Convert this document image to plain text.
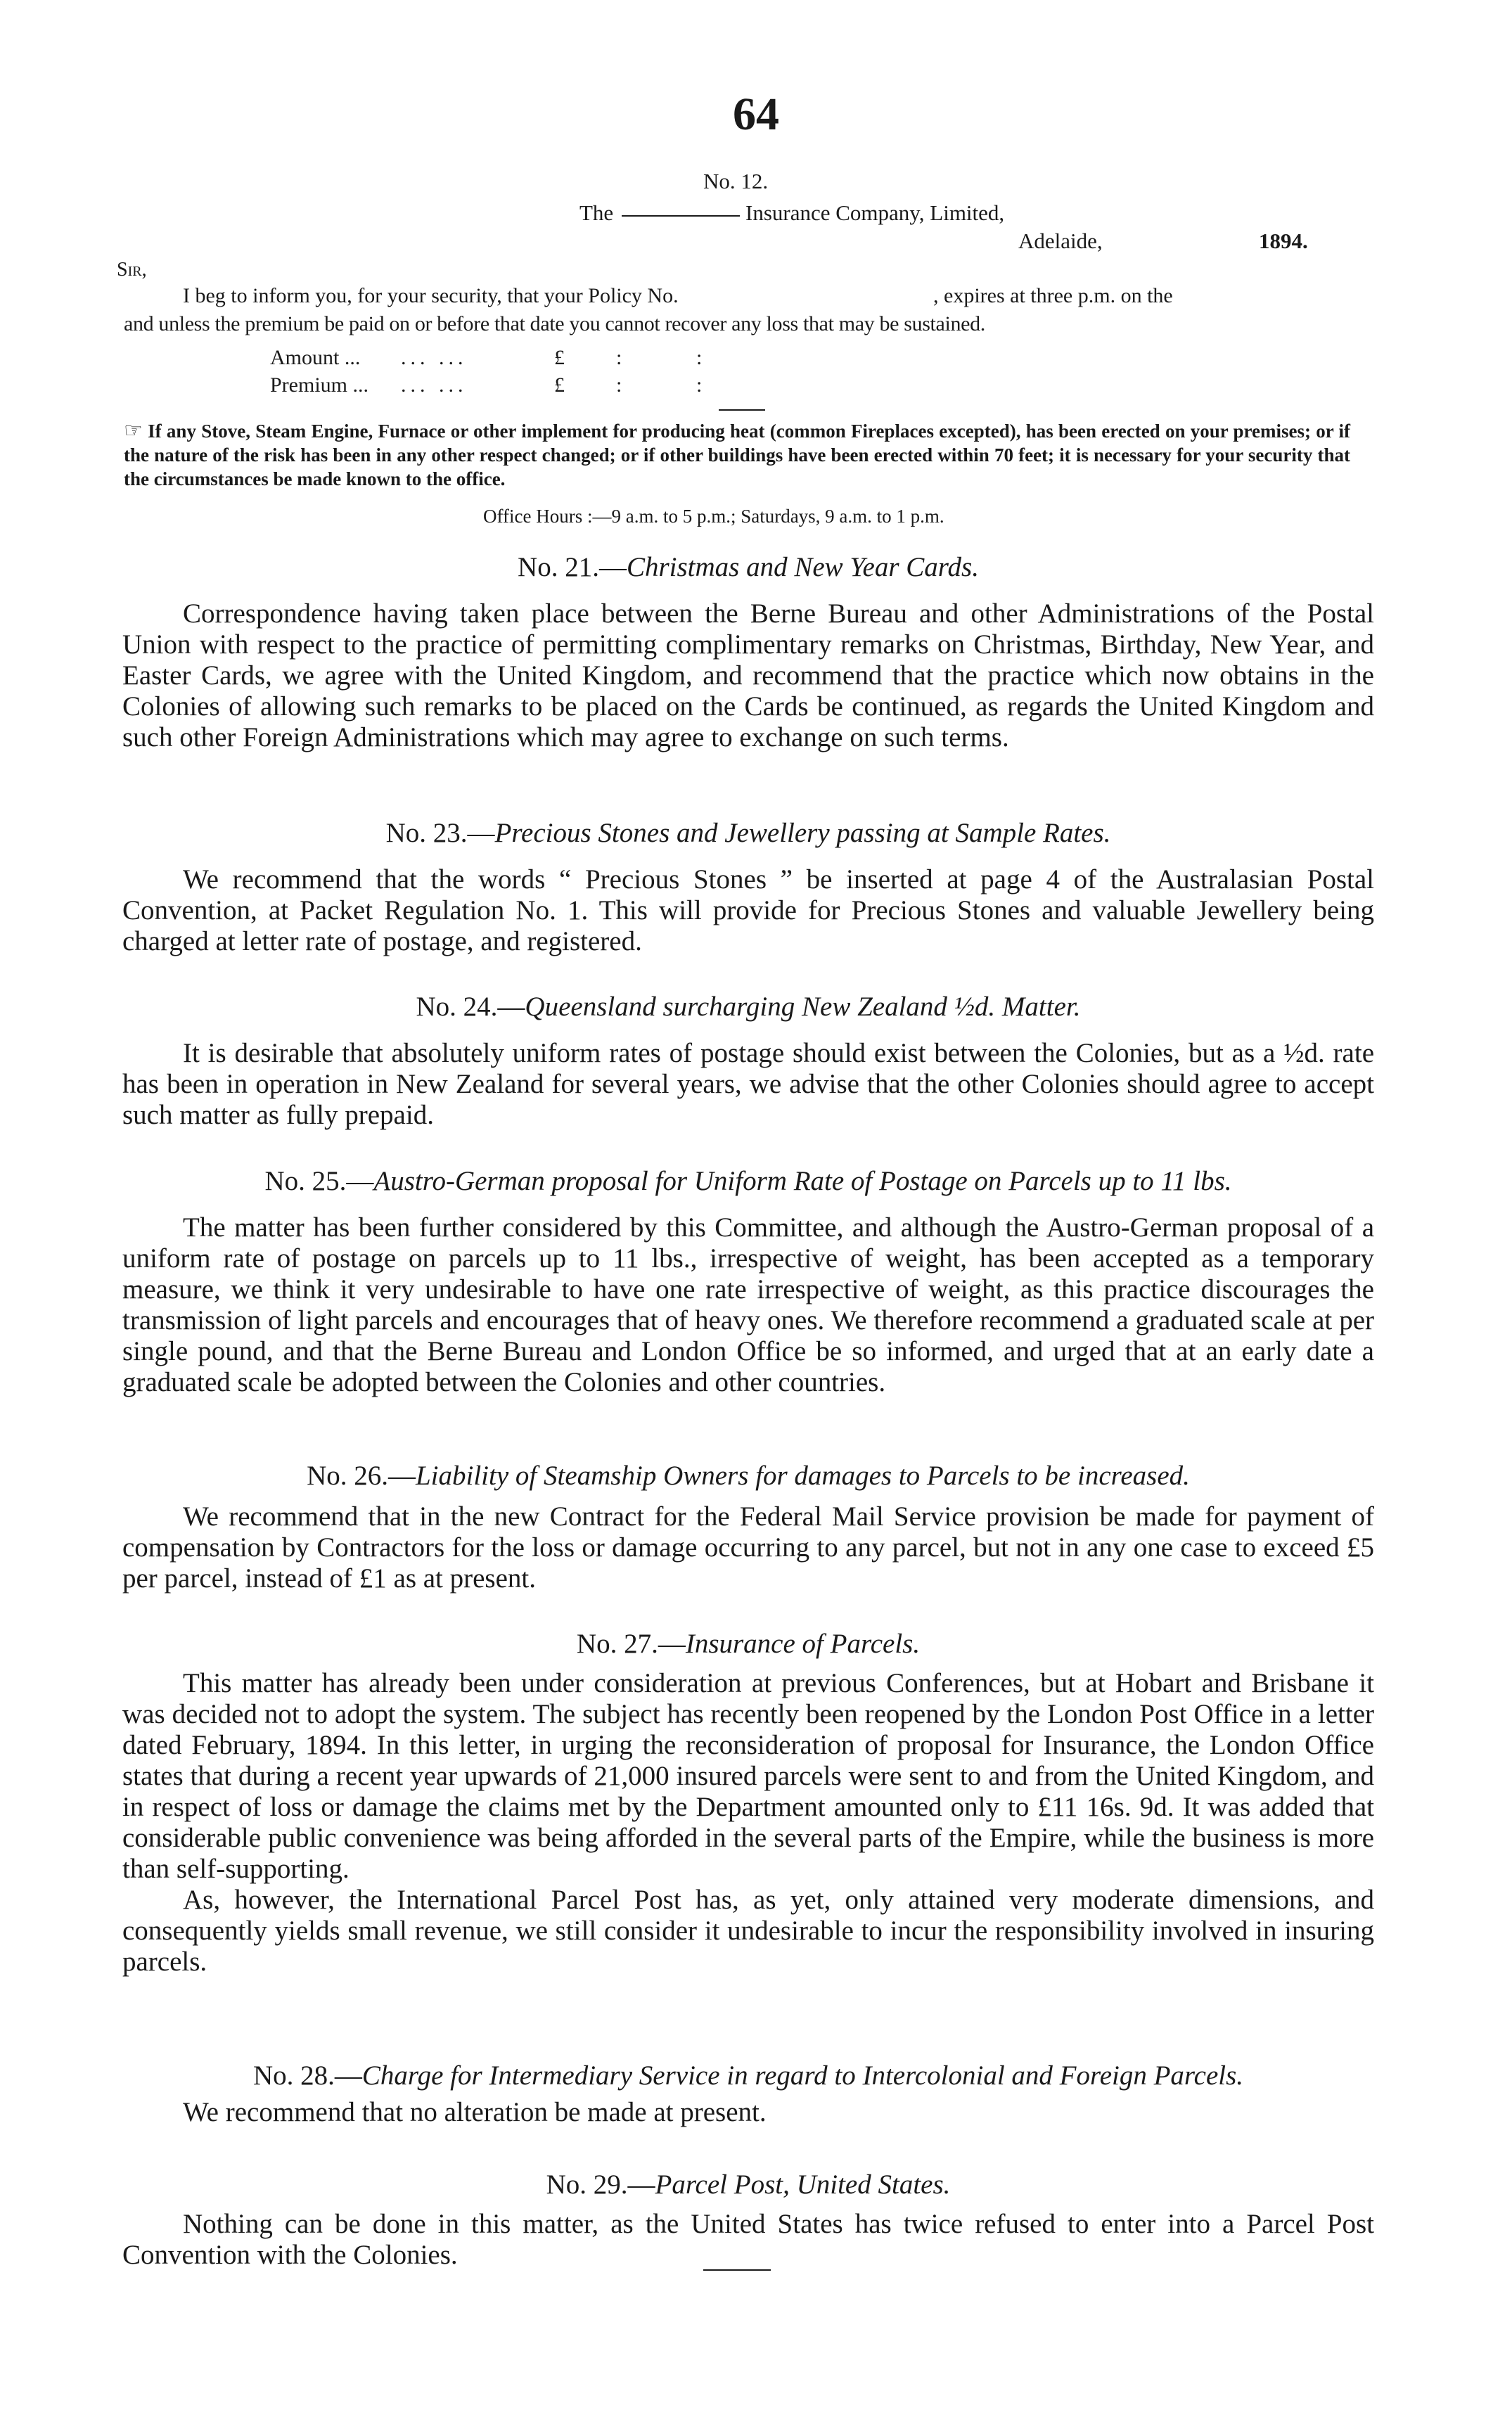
64
No. 12.
The	Insurance Company, Limited,
Adelaide,	1894.
Sir,
I beg to inform you, for your security, that your Policy No.	, expires at three p.m. on the
and unless the premium be paid on or before that date you cannot recover any loss that may be sustained.
Amount ... ... ...	£ :	:
Premium ... ... ...	£ :	:
☞ If any Stove, Steam Engine, Furnace or other implement for producing heat (common Fireplaces excepted), has been erected on your premises; or if the nature of the risk has been in any other respect changed; or if other buildings have been erected within 70 feet; it is necessary for your security that the circumstances be made known to the office.
Office Hours :—9 a.m. to 5 p.m.; Saturdays, 9 a.m. to 1 p.m.

No. 21.—Christmas and New Year Cards.

Correspondence having taken place between the Berne Bureau and other Administrations of the Postal Union with respect to the practice of permitting complimentary remarks on Christmas, Birthday, New Year, and Easter Cards, we agree with the United Kingdom, and recommend that the practice which now obtains in the Colonies of allowing such remarks to be placed on the Cards be continued, as regards the United Kingdom and such other Foreign Administrations which may agree to exchange on such terms.

No. 23.—Precious Stones and Jewellery passing at Sample Rates.

We recommend that the words “ Precious Stones ” be inserted at page 4 of the Australasian Postal Convention, at Packet Regulation No. 1. This will provide for Precious Stones and valuable Jewellery being charged at letter rate of postage, and registered.

No. 24.—Queensland surcharging New Zealand ½d. Matter.

It is desirable that absolutely uniform rates of postage should exist between the Colonies, but as a ½d. rate has been in operation in New Zealand for several years, we advise that the other Colonies should agree to accept such matter as fully prepaid.

No. 25.—Austro-German proposal for Uniform Rate of Postage on Parcels up to 11 lbs.

The matter has been further considered by this Committee, and although the Austro-German proposal of a uniform rate of postage on parcels up to 11 lbs., irrespective of weight, has been accepted as a temporary measure, we think it very undesirable to have one rate irrespective of weight, as this practice discourages the transmission of light parcels and encourages that of heavy ones. We therefore recommend a graduated scale at per single pound, and that the Berne Bureau and London Office be so informed, and urged that at an early date a graduated scale be adopted between the Colonies and other countries.

No. 26.—Liability of Steamship Owners for damages to Parcels to be increased.

We recommend that in the new Contract for the Federal Mail Service provision be made for payment of compensation by Contractors for the loss or damage occurring to any parcel, but not in any one case to exceed £5 per parcel, instead of £1 as at present.

No. 27.—Insurance of Parcels.

This matter has already been under consideration at previous Conferences, but at Hobart and Brisbane it was decided not to adopt the system. The subject has recently been reopened by the London Post Office in a letter dated February, 1894. In this letter, in urging the reconsideration of proposal for Insurance, the London Office states that during a recent year upwards of 21,000 insured parcels were sent to and from the United Kingdom, and in respect of loss or damage the claims met by the Department amounted only to £11 16s. 9d. It was added that considerable public convenience was being afforded in the several parts of the Empire, while the business is more than self-supporting.

As, however, the International Parcel Post has, as yet, only attained very moderate dimensions, and consequently yields small revenue, we still consider it undesirable to incur the responsibility involved in insuring parcels.

No. 28.—Charge for Intermediary Service in regard to Intercolonial and Foreign Parcels.

We recommend that no alteration be made at present.

No. 29.—Parcel Post, United States.

Nothing can be done in this matter, as the United States has twice refused to enter into a Parcel Post Convention with the Colonies.
